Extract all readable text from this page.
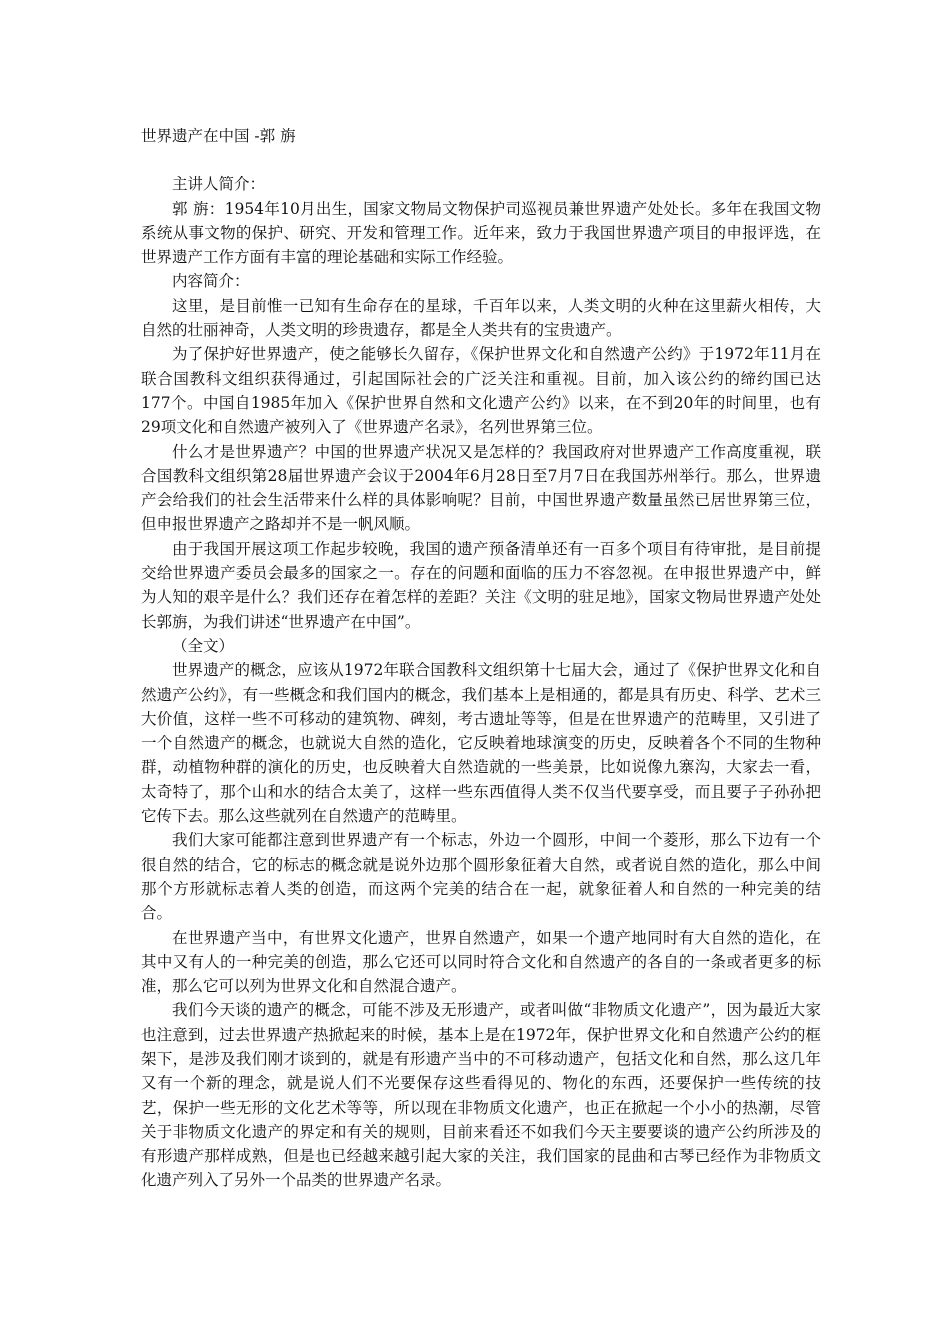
世界遗产在中国 -郭 旃

主讲人简介：

郭 旃：1954年10月出生，国家文物局文物保护司巡视员兼世界遗产处处长。多年在我国文物系统从事文物的保护、研究、开发和管理工作。近年来，致力于我国世界遗产项目的申报评选，在世界遗产工作方面有丰富的理论基础和实际工作经验。

内容简介：

这里，是目前惟一已知有生命存在的星球，千百年以来，人类文明的火种在这里薪火相传，大自然的壮丽神奇，人类文明的珍贵遗存，都是全人类共有的宝贵遗产。

为了保护好世界遗产，使之能够长久留存，《保护世界文化和自然遗产公约》于1972年11月在联合国教科文组织获得通过，引起国际社会的广泛关注和重视。目前，加入该公约的缔约国已达177个。中国自1985年加入《保护世界自然和文化遗产公约》以来，在不到20年的时间里，也有29项文化和自然遗产被列入了《世界遗产名录》，名列世界第三位。

什么才是世界遗产？中国的世界遗产状况又是怎样的？我国政府对世界遗产工作高度重视，联合国教科文组织第28届世界遗产会议于2004年6月28日至7月7日在我国苏州举行。那么，世界遗产会给我们的社会生活带来什么样的具体影响呢？目前，中国世界遗产数量虽然已居世界第三位，但申报世界遗产之路却并不是一帆风顺。

由于我国开展这项工作起步较晚，我国的遗产预备清单还有一百多个项目有待审批，是目前提交给世界遗产委员会最多的国家之一。存在的问题和面临的压力不容忽视。在申报世界遗产中，鲜为人知的艰辛是什么？我们还存在着怎样的差距？关注《文明的驻足地》，国家文物局世界遗产处处长郭旃，为我们讲述“世界遗产在中国”。

（全文）

世界遗产的概念，应该从1972年联合国教科文组织第十七届大会，通过了《保护世界文化和自然遗产公约》，有一些概念和我们国内的概念，我们基本上是相通的，都是具有历史、科学、艺术三大价值，这样一些不可移动的建筑物、碑刻，考古遗址等等，但是在世界遗产的范畴里，又引进了一个自然遗产的概念，也就说大自然的造化，它反映着地球演变的历史，反映着各个不同的生物种群，动植物种群的演化的历史，也反映着大自然造就的一些美景，比如说像九寨沟，大家去一看，太奇特了，那个山和水的结合太美了，这样一些东西值得人类不仅当代要享受，而且要子子孙孙把它传下去。那么这些就列在自然遗产的范畴里。

我们大家可能都注意到世界遗产有一个标志，外边一个圆形，中间一个菱形，那么下边有一个很自然的结合，它的标志的概念就是说外边那个圆形象征着大自然，或者说自然的造化，那么中间那个方形就标志着人类的创造，而这两个完美的结合在一起，就象征着人和自然的一种完美的结合。

在世界遗产当中，有世界文化遗产，世界自然遗产，如果一个遗产地同时有大自然的造化，在其中又有人的一种完美的创造，那么它还可以同时符合文化和自然遗产的各自的一条或者更多的标准，那么它可以列为世界文化和自然混合遗产。

我们今天谈的遗产的概念，可能不涉及无形遗产，或者叫做“非物质文化遗产”，因为最近大家也注意到，过去世界遗产热掀起来的时候，基本上是在1972年，保护世界文化和自然遗产公约的框架下，是涉及我们刚才谈到的，就是有形遗产当中的不可移动遗产，包括文化和自然，那么这几年又有一个新的理念，就是说人们不光要保存这些看得见的、物化的东西，还要保护一些传统的技艺，保护一些无形的文化艺术等等，所以现在非物质文化遗产，也正在掀起一个小小的热潮，尽管关于非物质文化遗产的界定和有关的规则，目前来看还不如我们今天主要要谈的遗产公约所涉及的有形遗产那样成熟，但是也已经越来越引起大家的关注，我们国家的昆曲和古琴已经作为非物质文化遗产列入了另外一个品类的世界遗产名录。
